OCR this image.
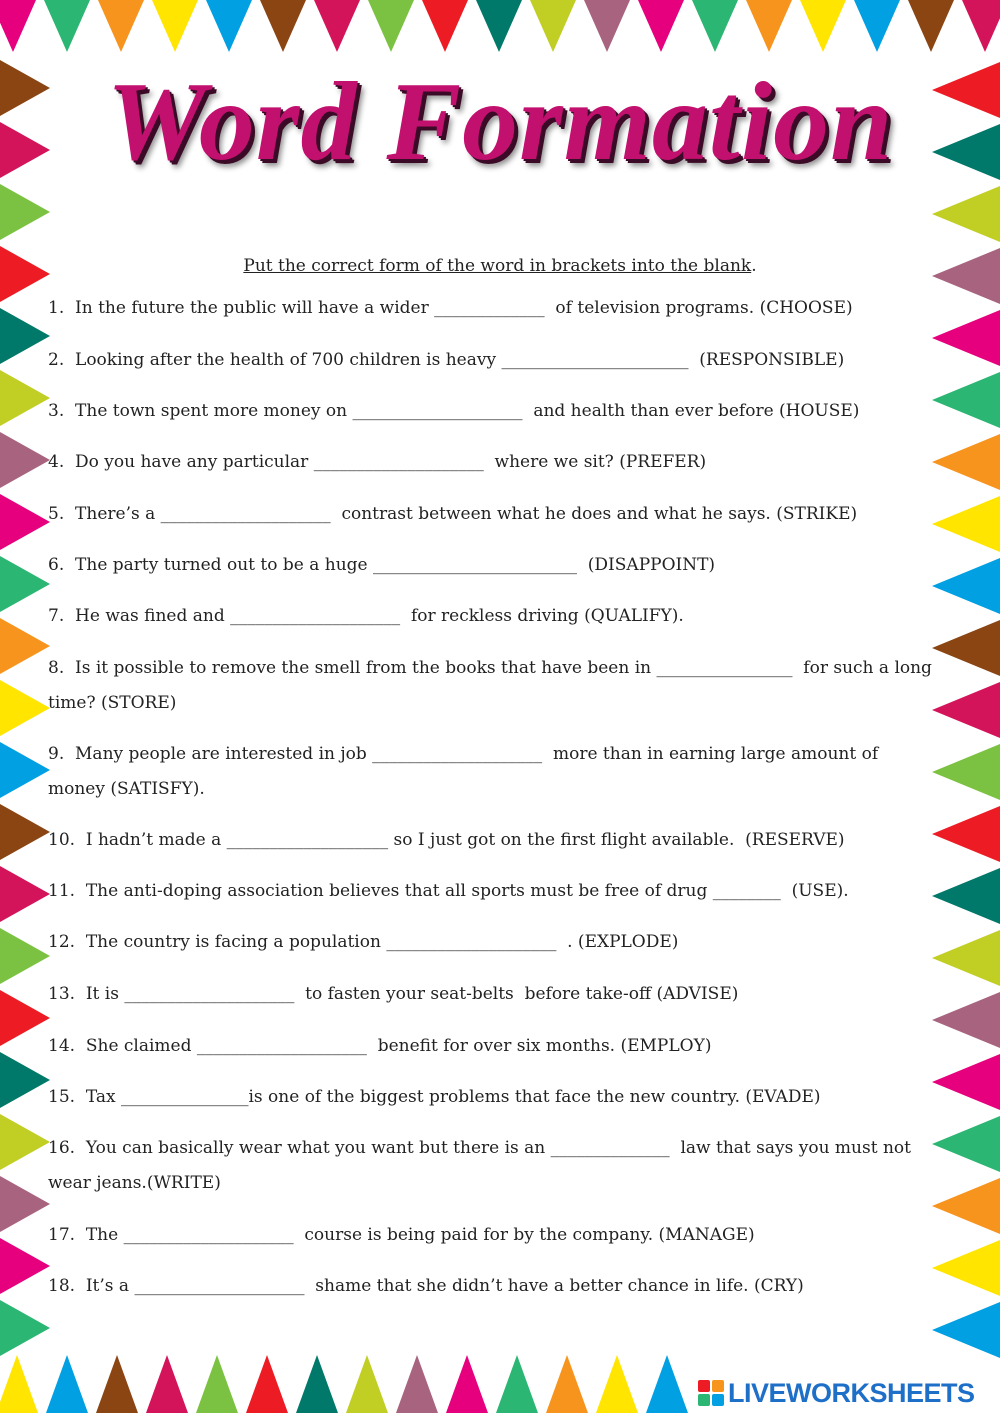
Word Formation
Put the correct form of the word in brackets into the blank.
1.  In the future the public will have a wider _____________  of television programs. (CHOOSE)
2.  Looking after the health of 700 children is heavy ______________________  (RESPONSIBLE)
3.  The town spent more money on ____________________  and health than ever before (HOUSE)
4.  Do you have any particular ____________________  where we sit? (PREFER)
5.  There’s a ____________________  contrast between what he does and what he says. (STRIKE)
6.  The party turned out to be a huge ________________________  (DISAPPOINT)
7.  He was fined and ____________________  for reckless driving (QUALIFY).
8.  Is it possible to remove the smell from the books that have been in ________________  for such a long time? (STORE)
9.  Many people are interested in job ____________________  more than in earning large amount of money (SATISFY).
10.  I hadn’t made a ___________________ so I just got on the first flight available.  (RESERVE)
11.  The anti-doping association believes that all sports must be free of drug ________  (USE).
12.  The country is facing a population ____________________  . (EXPLODE)
13.  It is ____________________  to fasten your seat-belts  before take-off (ADVISE)
14.  She claimed ____________________  benefit for over six months. (EMPLOY)
15.  Tax _______________is one of the biggest problems that face the new country. (EVADE)
16.  You can basically wear what you want but there is an ______________  law that says you must not wear jeans.(WRITE)
17.  The ____________________  course is being paid for by the company. (MANAGE)
18.  It’s a ____________________  shame that she didn’t have a better chance in life. (CRY)
LIVEWORKSHEETS
